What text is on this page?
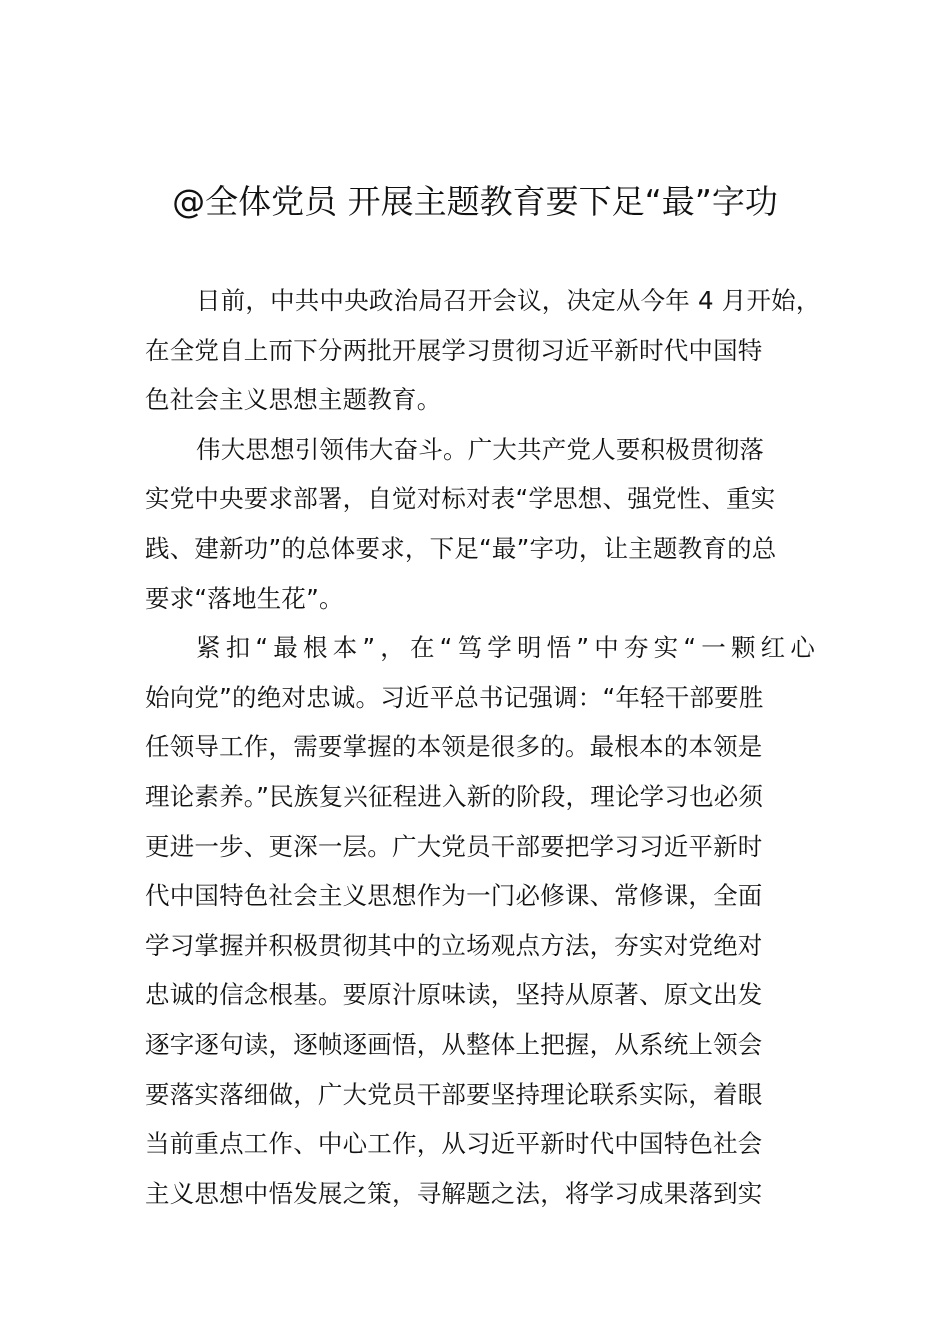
@全体党员 开展主题教育要下足“最”字功
日前，中共中央政治局召开会议，决定从今年 4 月开始，
在全党自上而下分两批开展学习贯彻习近平新时代中国特
色社会主义思想主题教育。
伟大思想引领伟大奋斗。广大共产党人要积极贯彻落
实党中央要求部署，自觉对标对表“学思想、强党性、重实
践、建新功”的总体要求，下足“最”字功，让主题教育的总
要求“落地生花”。
紧扣“最根本”，在“笃学明悟”中夯实“一颗红心
始向党”的绝对忠诚。习近平总书记强调：“年轻干部要胜
任领导工作，需要掌握的本领是很多的。最根本的本领是
理论素养。”民族复兴征程进入新的阶段，理论学习也必须
更进一步、更深一层。广大党员干部要把学习习近平新时
代中国特色社会主义思想作为一门必修课、常修课，全面
学习掌握并积极贯彻其中的立场观点方法，夯实对党绝对
忠诚的信念根基。要原汁原味读，坚持从原著、原文出发
逐字逐句读，逐帧逐画悟，从整体上把握，从系统上领会
要落实落细做，广大党员干部要坚持理论联系实际，着眼
当前重点工作、中心工作，从习近平新时代中国特色社会
主义思想中悟发展之策，寻解题之法，将学习成果落到实
